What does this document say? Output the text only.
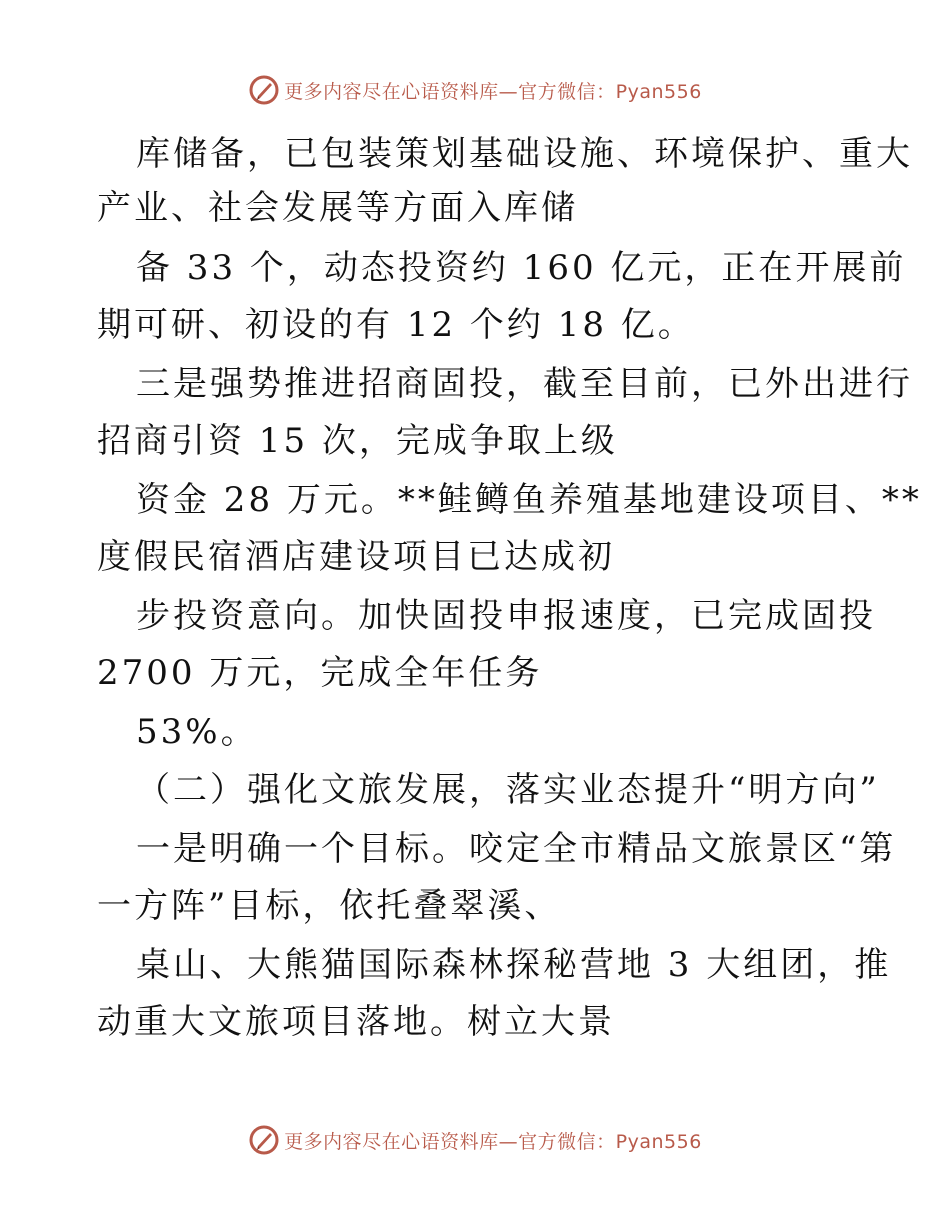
更多内容尽在心语资料库—官方微信：Pyan556
库储备，已包装策划基础设施、环境保护、重大
产业、社会发展等方面入库储
备 33 个，动态投资约 160 亿元，正在开展前
期可研、初设的有 12 个约 18 亿。
三是强势推进招商固投，截至目前，已外出进行
招商引资 15 次，完成争取上级
资金 28 万元。**鲑鳟鱼养殖基地建设项目、**
度假民宿酒店建设项目已达成初
步投资意向。加快固投申报速度，已完成固投
2700 万元，完成全年任务
53%。
（二）强化文旅发展，落实业态提升“明方向”
一是明确一个目标。咬定全市精品文旅景区“第
一方阵”目标，依托叠翠溪、
桌山、大熊猫国际森林探秘营地 3 大组团，推
动重大文旅项目落地。树立大景
更多内容尽在心语资料库—官方微信：Pyan556
